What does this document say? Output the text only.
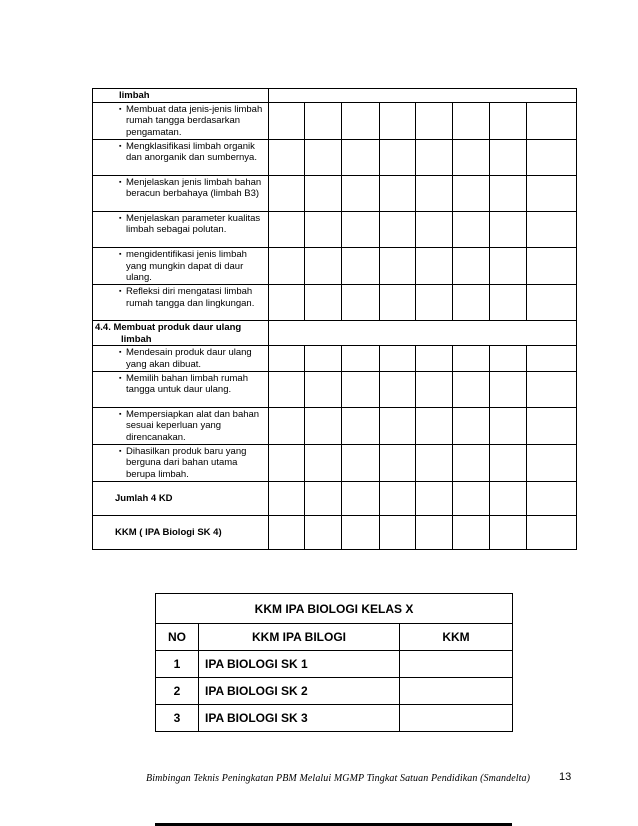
limbah								

▪ Membuat data jenis-jenis limbah rumah tangga berdasarkan pengamatan.								

▪ Mengklasifikasi limbah organik dan anorganik dan sumbernya.								

▪ Menjelaskan jenis limbah bahan beracun berbahaya (limbah B3)								

▪ Menjelaskan parameter kualitas limbah sebagai polutan.								

▪ mengidentifikasi jenis limbah yang mungkin dapat di daur ulang.								

▪ Refleksi diri mengatasi limbah rumah tangga dan lingkungan.								

4.4. Membuat produk daur ulang
limbah								

▪ Mendesain produk daur ulang yang akan dibuat.								

▪ Memilih bahan limbah rumah tangga untuk daur ulang.								

▪ Mempersiapkan alat dan bahan sesuai keperluan yang direncanakan.								

▪ Dihasilkan produk baru yang berguna dari bahan utama berupa limbah.								

Jumlah 4 KD								
KKM ( IPA Biologi SK 4)								
KKM IPA BIOLOGI KELAS X		
NO	KKM IPA BILOGI	KKM
1	IPA BIOLOGI SK 1	
2	IPA BIOLOGI SK 2	
3	IPA BIOLOGI SK 3	
Bimbingan Teknis Peningkatan PBM Melalui MGMP Tingkat Satuan Pendidikan (Smandelta)	13
